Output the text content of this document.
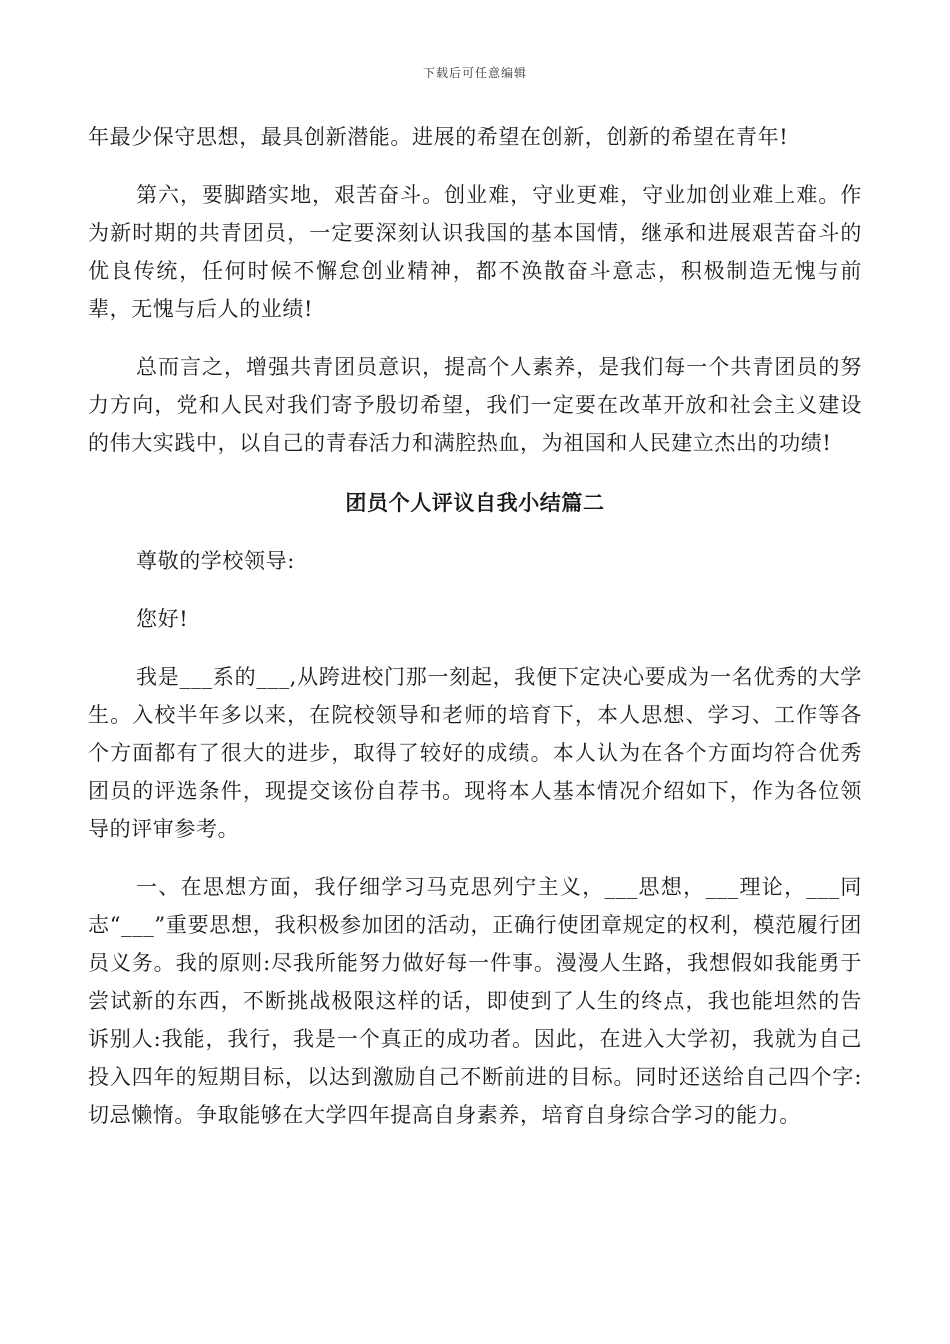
下载后可任意编辑

年最少保守思想，最具创新潜能。进展的希望在创新，创新的希望在青年!

第六，要脚踏实地，艰苦奋斗。创业难，守业更难，守业加创业难上难。作为新时期的共青团员，一定要深刻认识我国的基本国情，继承和进展艰苦奋斗的优良传统，任何时候不懈怠创业精神，都不涣散奋斗意志，积极制造无愧与前辈，无愧与后人的业绩!

总而言之，增强共青团员意识，提高个人素养，是我们每一个共青团员的努力方向，党和人民对我们寄予殷切希望，我们一定要在改革开放和社会主义建设的伟大实践中，以自己的青春活力和满腔热血，为祖国和人民建立杰出的功绩!

团员个人评议自我小结篇二

尊敬的学校领导:

您好!

我是___系的___,从跨进校门那一刻起，我便下定决心要成为一名优秀的大学生。入校半年多以来，在院校领导和老师的培育下，本人思想、学习、工作等各个方面都有了很大的进步，取得了较好的成绩。本人认为在各个方面均符合优秀团员的评选条件，现提交该份自荐书。现将本人基本情况介绍如下，作为各位领导的评审参考。

一、在思想方面，我仔细学习马克思列宁主义，___思想，___理论，___同志“___”重要思想，我积极参加团的活动，正确行使团章规定的权利，模范履行团员义务。我的原则:尽我所能努力做好每一件事。漫漫人生路，我想假如我能勇于尝试新的东西，不断挑战极限这样的话，即使到了人生的终点，我也能坦然的告诉别人:我能，我行，我是一个真正的成功者。因此，在进入大学初，我就为自己投入四年的短期目标，以达到激励自己不断前进的目标。同时还送给自己四个字:切忌懒惰。争取能够在大学四年提高自身素养，培育自身综合学习的能力。
